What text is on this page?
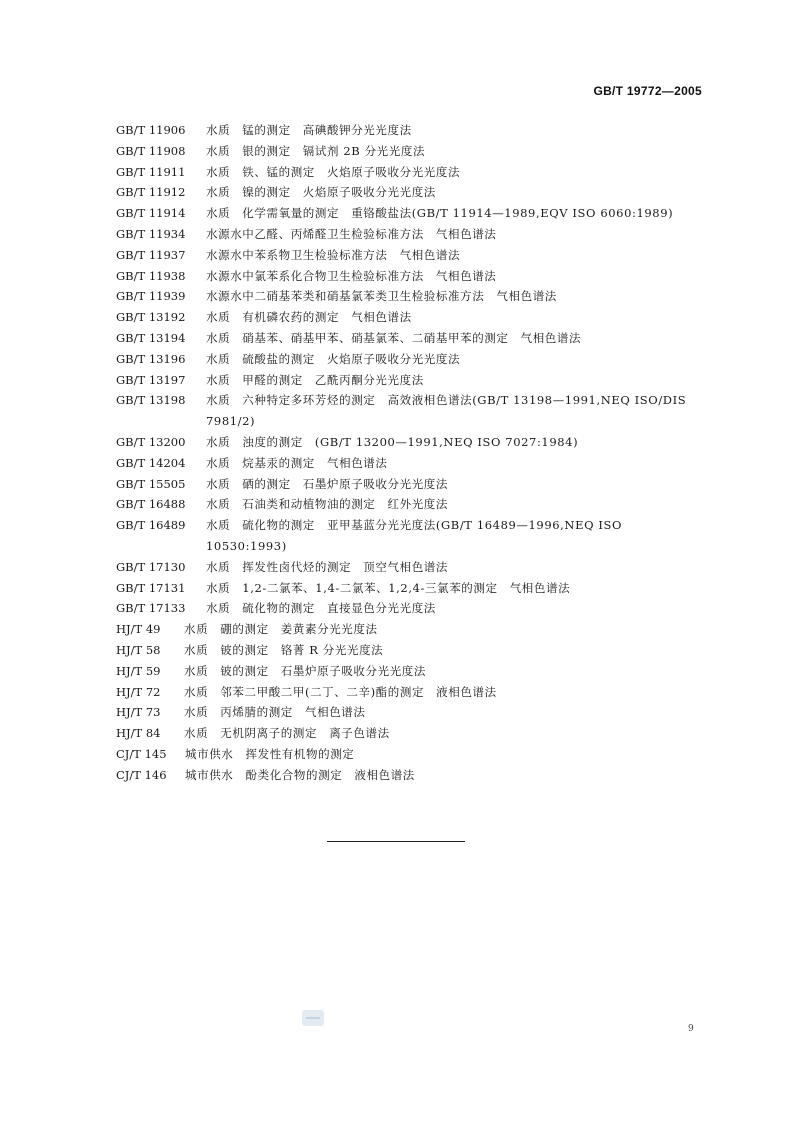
GB/T 19772—2005
GB/T 11906	水质　锰的测定　高碘酸钾分光光度法
GB/T 11908	水质　银的测定　镉试剂 2B 分光光度法
GB/T 11911	水质　铁、锰的测定　火焰原子吸收分光光度法
GB/T 11912	水质　镍的测定　火焰原子吸收分光光度法
GB/T 11914	水质　化学需氧量的测定　重铬酸盐法(GB/T 11914—1989,EQV ISO 6060:1989)
GB/T 11934	水源水中乙醛、丙烯醛卫生检验标准方法　气相色谱法
GB/T 11937	水源水中苯系物卫生检验标准方法　气相色谱法
GB/T 11938	水源水中氯苯系化合物卫生检验标准方法　气相色谱法
GB/T 11939	水源水中二硝基苯类和硝基氯苯类卫生检验标准方法　气相色谱法
GB/T 13192	水质　有机磷农药的测定　气相色谱法
GB/T 13194	水质　硝基苯、硝基甲苯、硝基氯苯、二硝基甲苯的测定　气相色谱法
GB/T 13196	水质　硫酸盐的测定　火焰原子吸收分光光度法
GB/T 13197	水质　甲醛的测定　乙酰丙酮分光光度法
GB/T 13198	水质　六种特定多环芳烃的测定　高效液相色谱法(GB/T 13198—1991,NEQ ISO/DIS 7981/2)
GB/T 13200	水质　浊度的测定　(GB/T 13200—1991,NEQ ISO 7027:1984)
GB/T 14204	水质　烷基汞的测定　气相色谱法
GB/T 15505	水质　硒的测定　石墨炉原子吸收分光光度法
GB/T 16488	水质　石油类和动植物油的测定　红外光度法
GB/T 16489	水质　硫化物的测定　亚甲基蓝分光光度法(GB/T 16489—1996,NEQ ISO 10530:1993)
GB/T 17130	水质　挥发性卤代烃的测定　顶空气相色谱法
GB/T 17131	水质　1,2-二氯苯、1,4-二氯苯、1,2,4-三氯苯的测定　气相色谱法
GB/T 17133	水质　硫化物的测定　直接显色分光光度法
HJ/T 49	水质　硼的测定　姜黄素分光光度法
HJ/T 58	水质　铍的测定　铬菁 R 分光光度法
HJ/T 59	水质　铍的测定　石墨炉原子吸收分光光度法
HJ/T 72	水质　邻苯二甲酸二甲(二丁、二辛)酯的测定　液相色谱法
HJ/T 73	水质　丙烯腈的测定　气相色谱法
HJ/T 84	水质　无机阴离子的测定　离子色谱法
CJ/T 145	城市供水　挥发性有机物的测定
CJ/T 146	城市供水　酚类化合物的测定　液相色谱法
9
